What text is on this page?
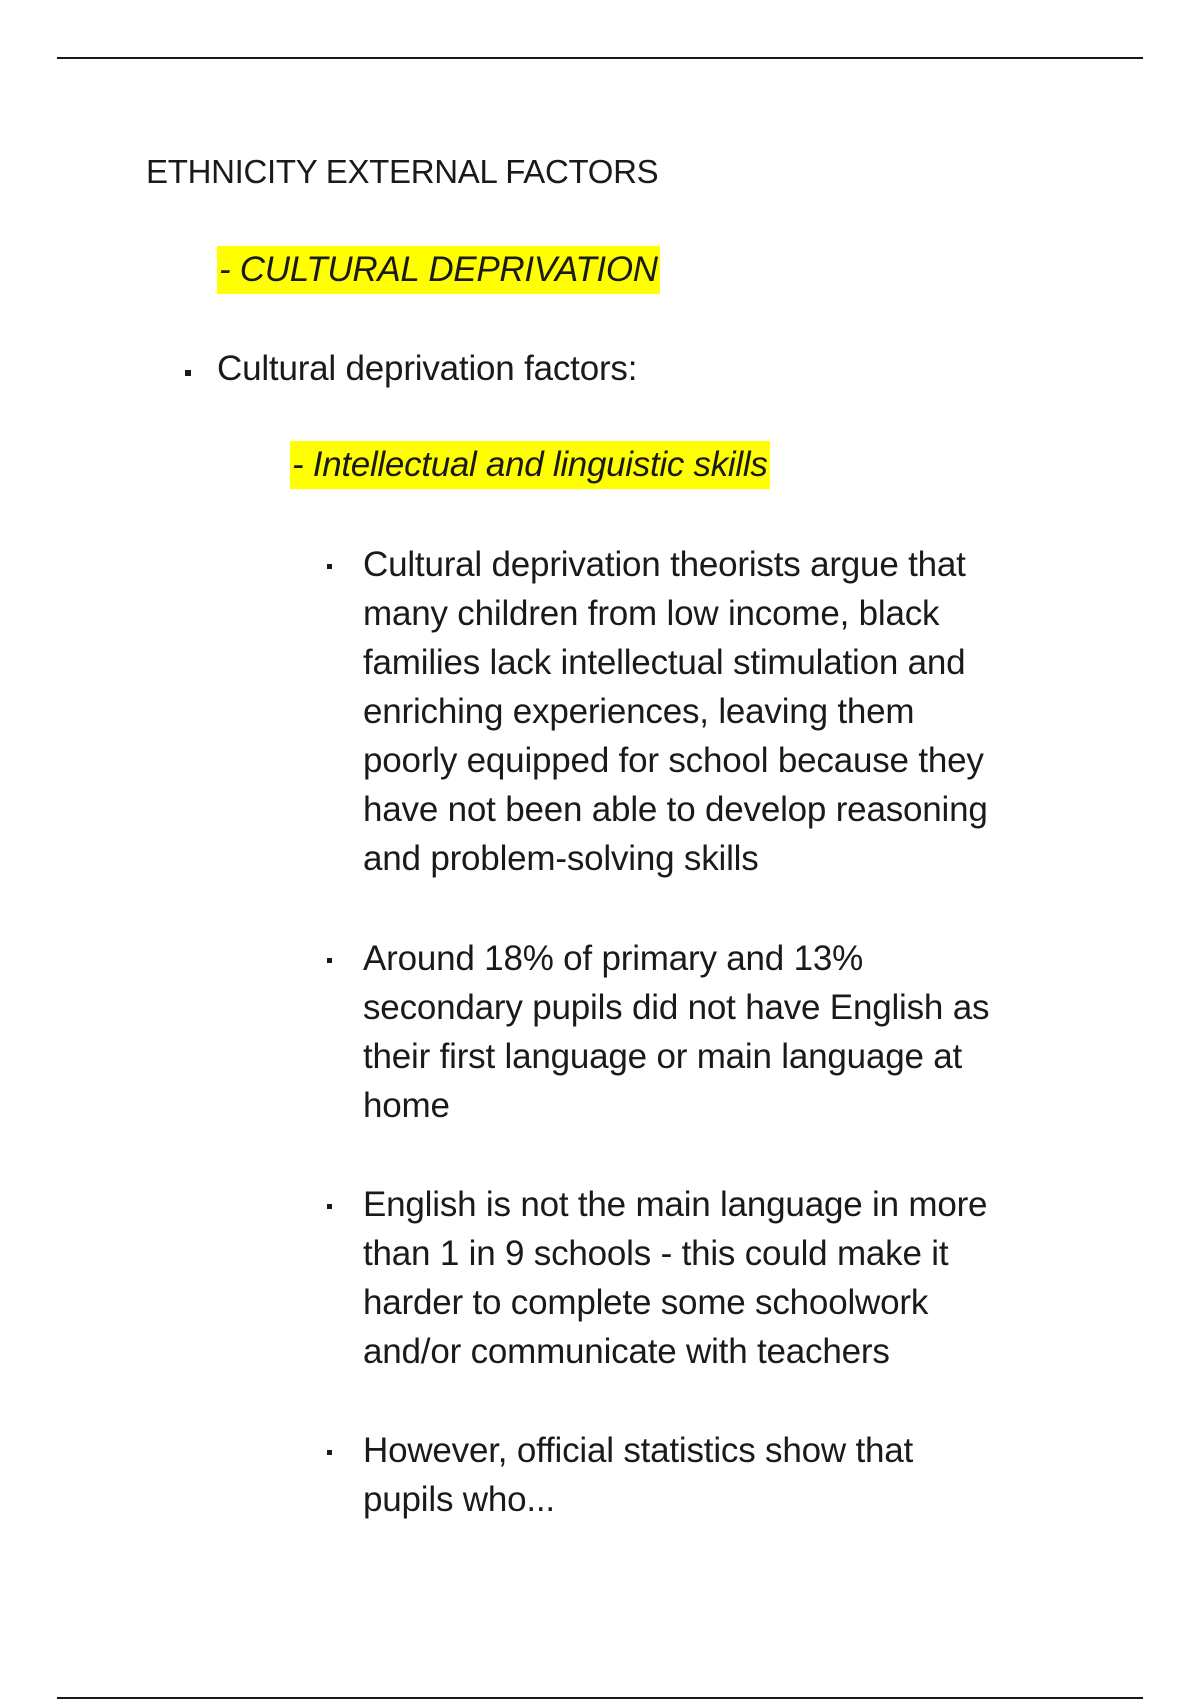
ETHNICITY EXTERNAL FACTORS
- CULTURAL DEPRIVATION
Cultural deprivation factors:
- Intellectual and linguistic skills
Cultural deprivation theorists argue that
many children from low income, black
families lack intellectual stimulation and
enriching experiences, leaving them
poorly equipped for school because they
have not been able to develop reasoning
and problem-solving skills
Around 18% of primary and 13%
secondary pupils did not have English as
their first language or main language at
home
English is not the main language in more
than 1 in 9 schools - this could make it
harder to complete some schoolwork
and/or communicate with teachers
However, official statistics show that
pupils who...
